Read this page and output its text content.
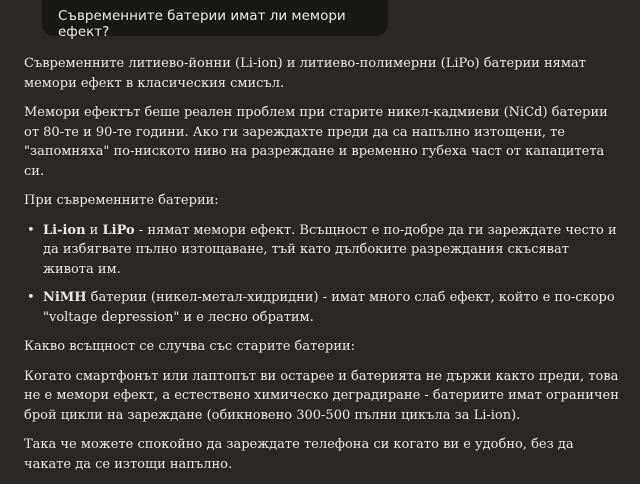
Съвременните батерии имат ли мемори ефект?

Съвременните литиево-йонни (Li-ion) и литиево-полимерни (LiPo) батерии нямат мемори ефект в класическия смисъл.

Мемори ефектът беше реален проблем при старите никел-кадмиеви (NiCd) батерии от 80-те и 90-те години. Ако ги зареждахте преди да са напълно изтощени, те "запомняха" по-ниското ниво на разреждане и временно губеха част от капацитета си.

При съвременните батерии:

• Li-ion и LiPo - нямат мемори ефект. Всъщност е по-добре да ги зареждате често и да избягвате пълно изтощаване, тъй като дълбоките разреждания скъсяват живота им.
• NiMH батерии (никел-метал-хидридни) - имат много слаб ефект, който е по-скоро "voltage depression" и е лесно обратим.

Какво всъщност се случва със старите батерии:

Когато смартфонът или лаптопът ви остарее и батерията не държи както преди, това не е мемори ефект, а естествено химическо деградиране - батериите имат ограничен брой цикли на зареждане (обикновено 300-500 пълни цикъла за Li-ion).

Така че можете спокойно да зареждате телефона си когато ви е удобно, без да чакате да се изтощи напълно.
